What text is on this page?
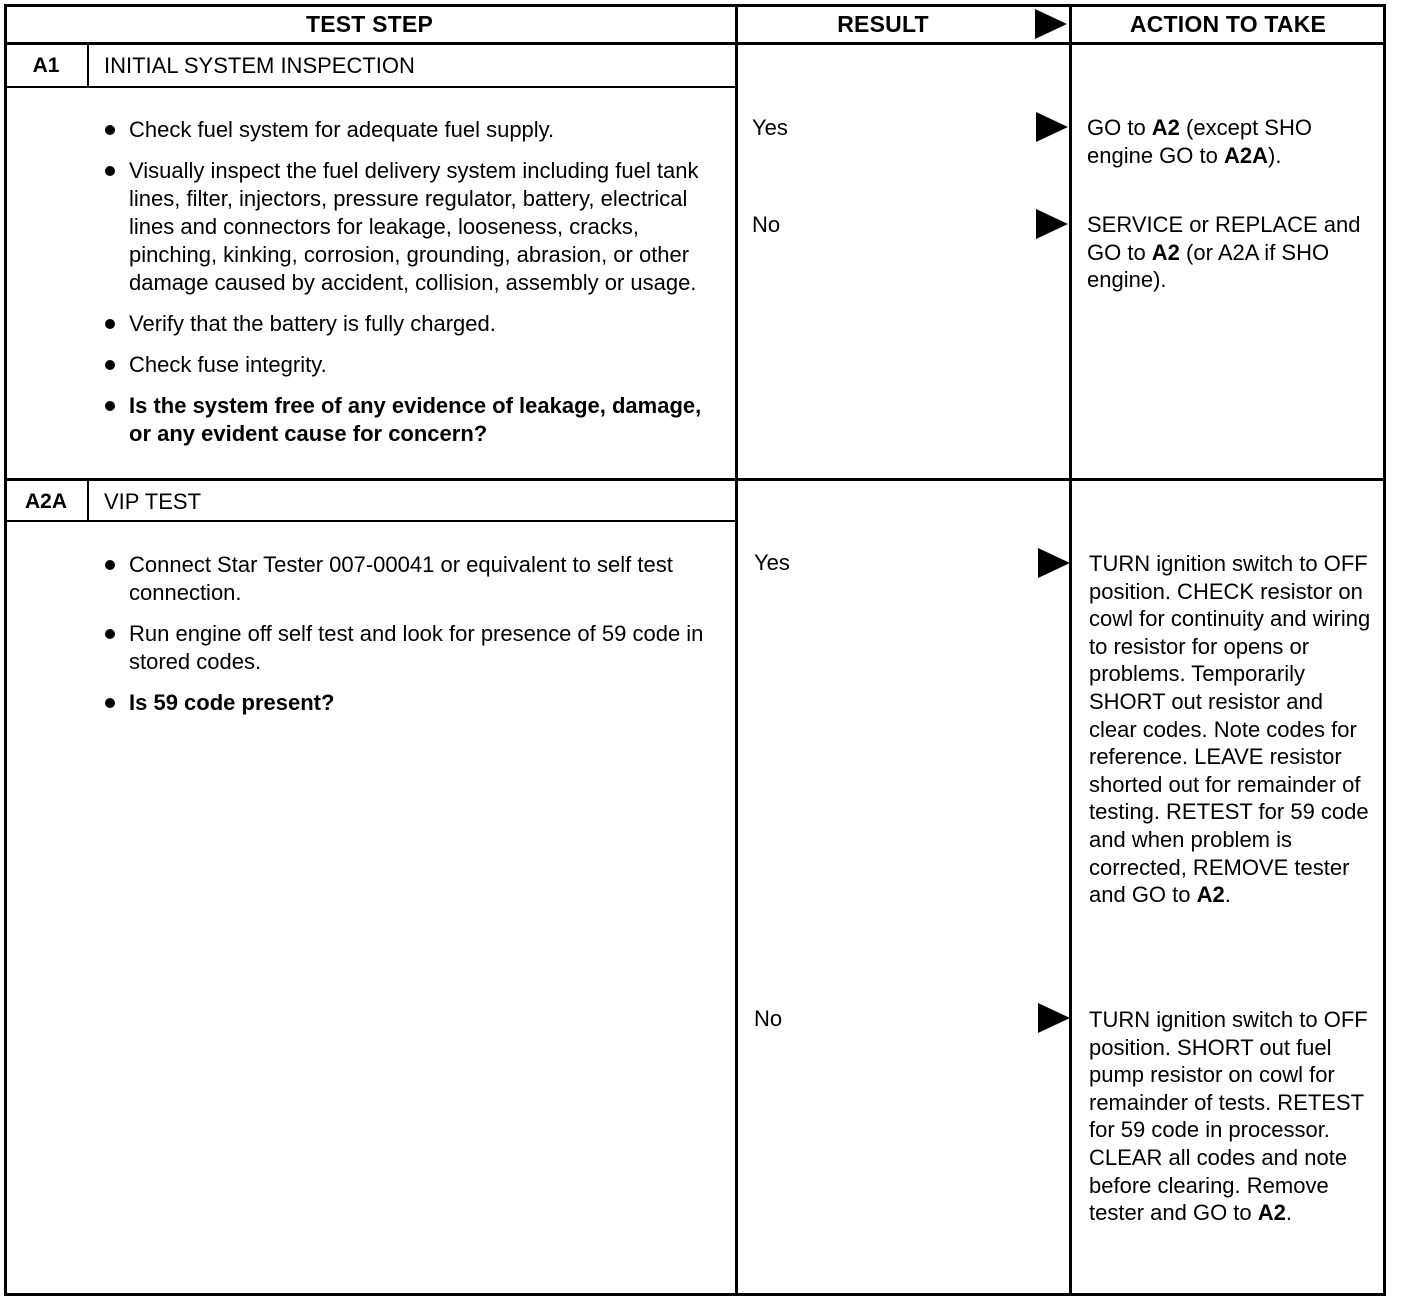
TEST STEP	RESULT	ACTION TO TAKE
A1	INITIAL SYSTEM INSPECTION
Check fuel system for adequate fuel supply.
Visually inspect the fuel delivery system including fuel tank lines, filter, injectors, pressure regulator, battery, electrical lines and connectors for leakage, looseness, cracks, pinching, kinking, corrosion, grounding, abrasion, or other damage caused by accident, collision, assembly or usage.
Verify that the battery is fully charged.
Check fuse integrity.
Is the system free of any evidence of leakage, damage, or any evident cause for concern?
Yes	GO to A2 (except SHO engine GO to A2A).
No	SERVICE or REPLACE and GO to A2 (or A2A if SHO engine).
A2A	VIP TEST
Connect Star Tester 007-00041 or equivalent to self test connection.
Run engine off self test and look for presence of 59 code in stored codes.
Is 59 code present?
Yes	TURN ignition switch to OFF position. CHECK resistor on cowl for continuity and wiring to resistor for opens or problems. Temporarily SHORT out resistor and clear codes. Note codes for reference. LEAVE resistor shorted out for remainder of testing. RETEST for 59 code and when problem is corrected, REMOVE tester and GO to A2.
No	TURN ignition switch to OFF position. SHORT out fuel pump resistor on cowl for remainder of tests. RETEST for 59 code in processor. CLEAR all codes and note before clearing. Remove tester and GO to A2.
